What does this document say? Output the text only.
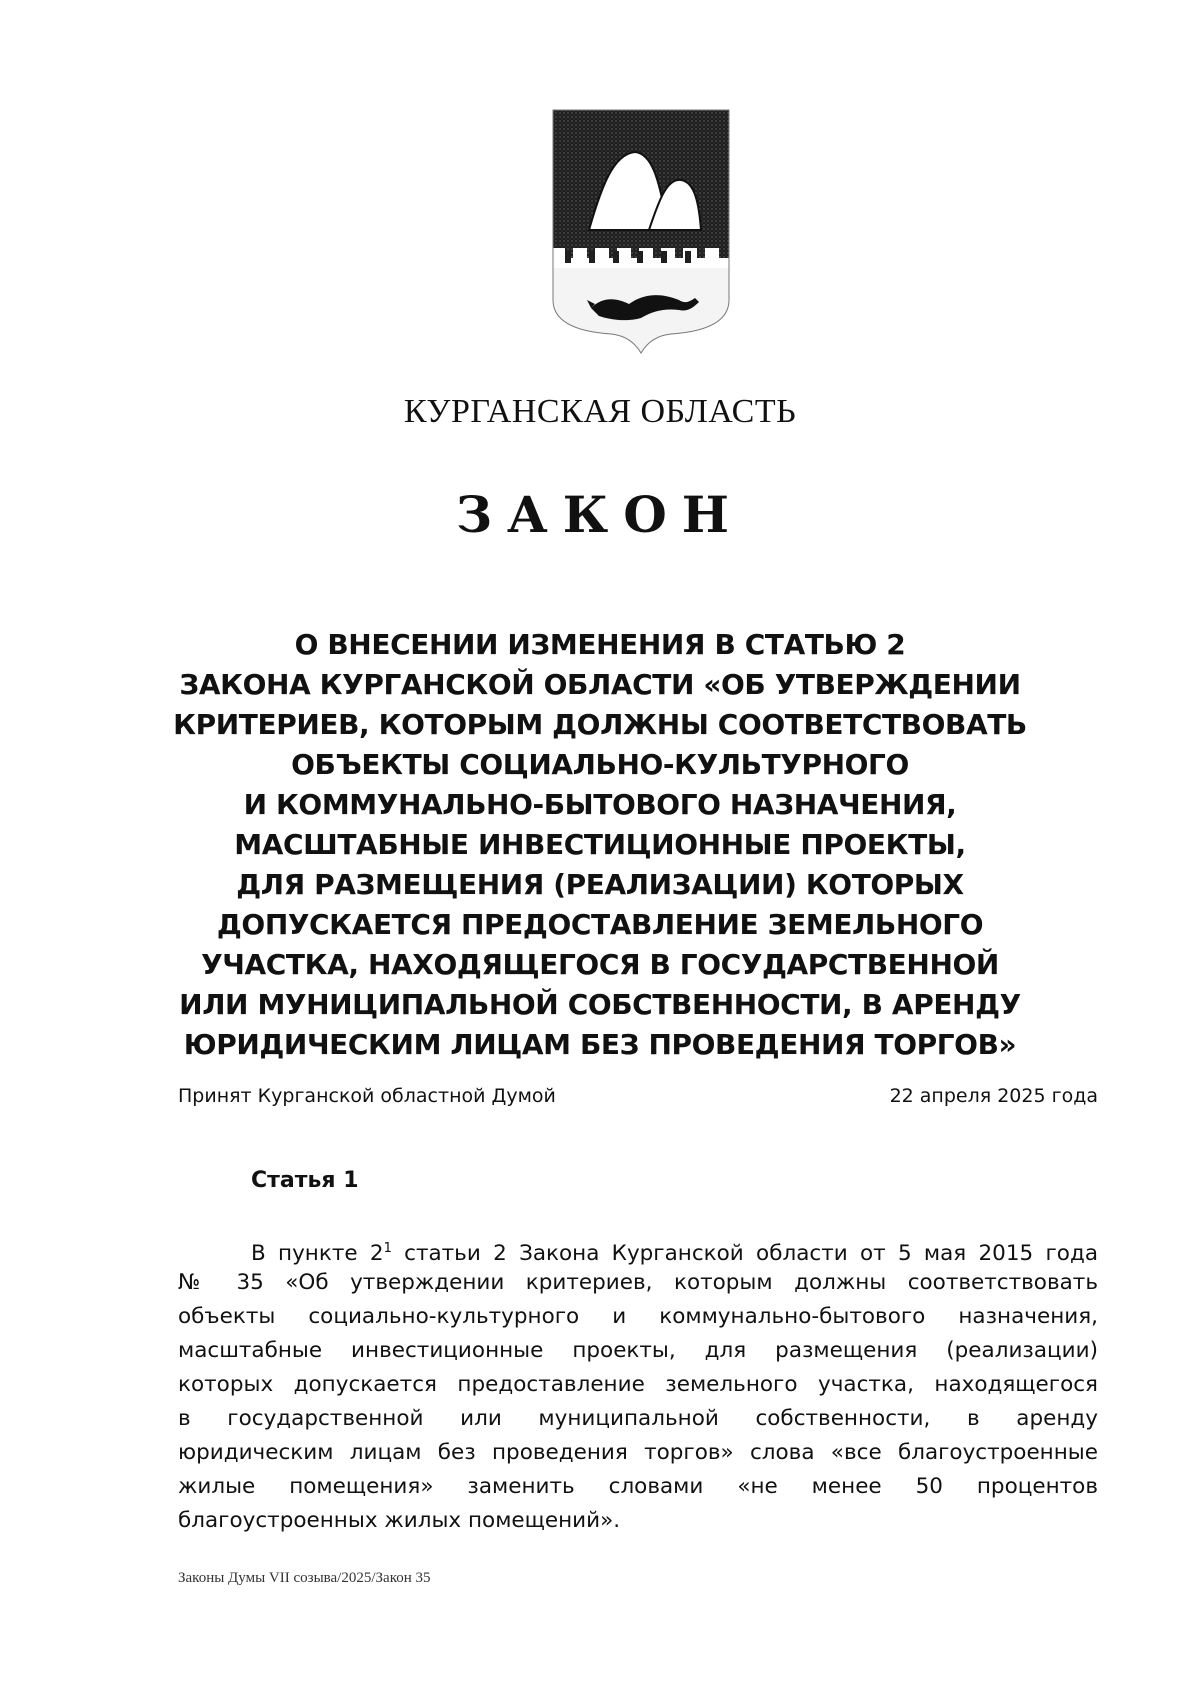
КУРГАНСКАЯ ОБЛАСТЬ
ЗАКОН
О ВНЕСЕНИИ ИЗМЕНЕНИЯ В СТАТЬЮ 2
ЗАКОНА КУРГАНСКОЙ ОБЛАСТИ «ОБ УТВЕРЖДЕНИИ
КРИТЕРИЕВ, КОТОРЫМ ДОЛЖНЫ СООТВЕТСТВОВАТЬ
ОБЪЕКТЫ СОЦИАЛЬНО-КУЛЬТУРНОГО
И КОММУНАЛЬНО-БЫТОВОГО НАЗНАЧЕНИЯ,
МАСШТАБНЫЕ ИНВЕСТИЦИОННЫЕ ПРОЕКТЫ,
ДЛЯ РАЗМЕЩЕНИЯ (РЕАЛИЗАЦИИ) КОТОРЫХ
ДОПУСКАЕТСЯ ПРЕДОСТАВЛЕНИЕ ЗЕМЕЛЬНОГО
УЧАСТКА, НАХОДЯЩЕГОСЯ В ГОСУДАРСТВЕННОЙ
ИЛИ МУНИЦИПАЛЬНОЙ СОБСТВЕННОСТИ, В АРЕНДУ
ЮРИДИЧЕСКИМ ЛИЦАМ БЕЗ ПРОВЕДЕНИЯ ТОРГОВ»
Принят Курганской областной Думой	22 апреля 2025 года
Статья 1
В пункте $2^1$ статьи 2 Закона Курганской области от 5 мая 2015 года
№ 35 «Об утверждении критериев, которым должны соответствовать
объекты социально-культурного и коммунально-бытового назначения,
масштабные инвестиционные проекты, для размещения (реализации)
которых допускается предоставление земельного участка, находящегося
в государственной или муниципальной собственности, в аренду
юридическим лицам без проведения торгов» слова «все благоустроенные
жилые помещения» заменить словами «не менее 50 процентов
благоустроенных жилых помещений».
Законы Думы VII созыва/2025/Закон 35
